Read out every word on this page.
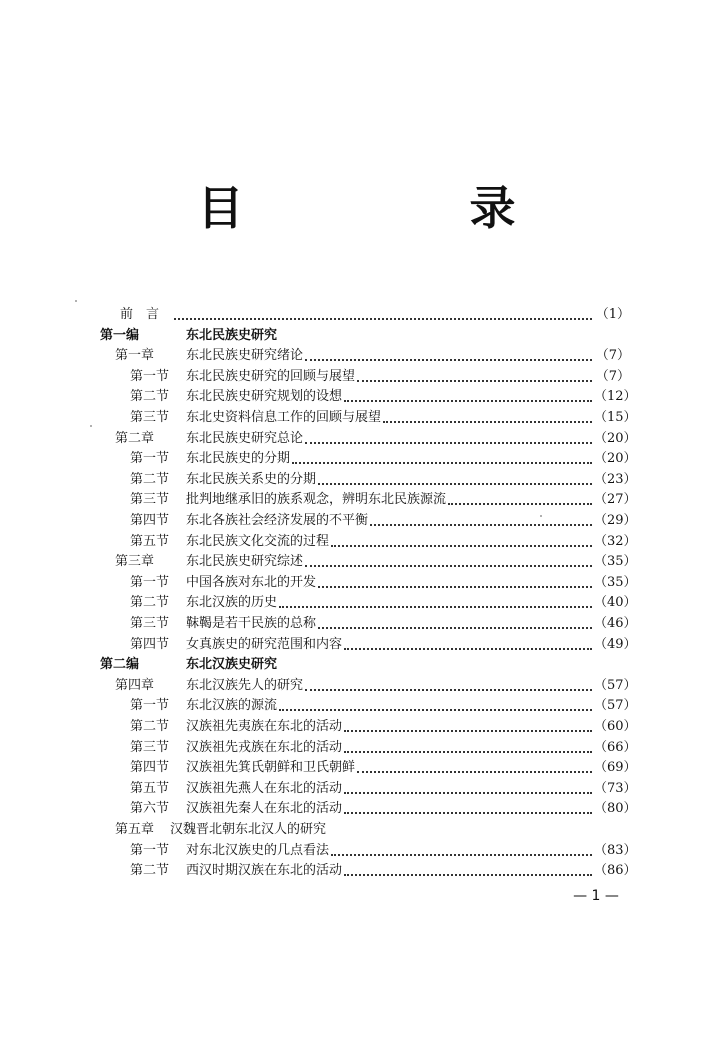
目　录
前　言	（1）
第一编	东北民族史研究
第一章	东北民族史研究绪论	（7）
第一节	东北民族史研究的回顾与展望	（7）
第二节	东北民族史研究规划的设想	（12）
第三节	东北史资料信息工作的回顾与展望	（15）
第二章	东北民族史研究总论	（20）
第一节	东北民族史的分期	（20）
第二节	东北民族关系史的分期	（23）
第三节	批判地继承旧的族系观念，辨明东北民族源流	（27）
第四节	东北各族社会经济发展的不平衡	（29）
第五节	东北民族文化交流的过程	（32）
第三章	东北民族史研究综述	（35）
第一节	中国各族对东北的开发	（35）
第二节	东北汉族的历史	（40）
第三节	靺鞨是若干民族的总称	（46）
第四节	女真族史的研究范围和内容	（49）
第二编	东北汉族史研究
第四章	东北汉族先人的研究	（57）
第一节	东北汉族的源流	（57）
第二节	汉族祖先夷族在东北的活动	（60）
第三节	汉族祖先戎族在东北的活动	（66）
第四节	汉族祖先箕氏朝鲜和卫氏朝鲜	（69）
第五节	汉族祖先燕人在东北的活动	（73）
第六节	汉族祖先秦人在东北的活动	（80）
第五章	汉魏晋北朝东北汉人的研究
第一节	对东北汉族史的几点看法	（83）
第二节	西汉时期汉族在东北的活动	（86）
— 1 —
